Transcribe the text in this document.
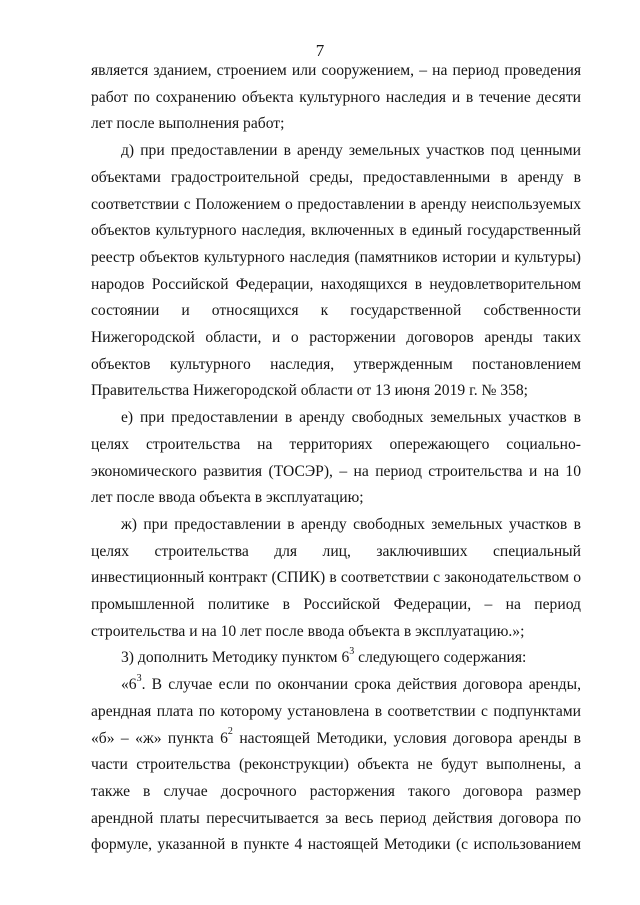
7

является зданием, строением или сооружением, – на период проведения работ по сохранению объекта культурного наследия и в течение десяти лет после выполнения работ;

д) при предоставлении в аренду земельных участков под ценными объектами градостроительной среды, предоставленными в аренду в соответствии с Положением о предоставлении в аренду неиспользуемых объектов культурного наследия, включенных в единый государственный реестр объектов культурного наследия (памятников истории и культуры) народов Российской Федерации, находящихся в неудовлетворительном состоянии и относящихся к государственной собственности Нижегородской области, и о расторжении договоров аренды таких объектов культурного наследия, утвержденным постановлением Правительства Нижегородской области от 13 июня 2019 г. № 358;

е) при предоставлении в аренду свободных земельных участков в целях строительства на территориях опережающего социально-экономического развития (ТОСЭР), – на период строительства и на 10 лет после ввода объекта в эксплуатацию;

ж) при предоставлении в аренду свободных земельных участков в целях строительства для лиц, заключивших специальный инвестиционный контракт (СПИК) в соответствии с законодательством о промышленной политике в Российской Федерации, – на период строительства и на 10 лет после ввода объекта в эксплуатацию.»;

3) дополнить Методику пунктом $6^3$ следующего содержания:

«$6^3$. В случае если по окончании срока действия договора аренды, арендная плата по которому установлена в соответствии с подпунктами «б» – «ж» пункта $6^2$ настоящей Методики, условия договора аренды в части строительства (реконструкции) объекта не будут выполнены, а также в случае досрочного расторжения такого договора размер арендной платы пересчитывается за весь период действия договора по формуле, указанной в пункте 4 настоящей Методики (с использованием
